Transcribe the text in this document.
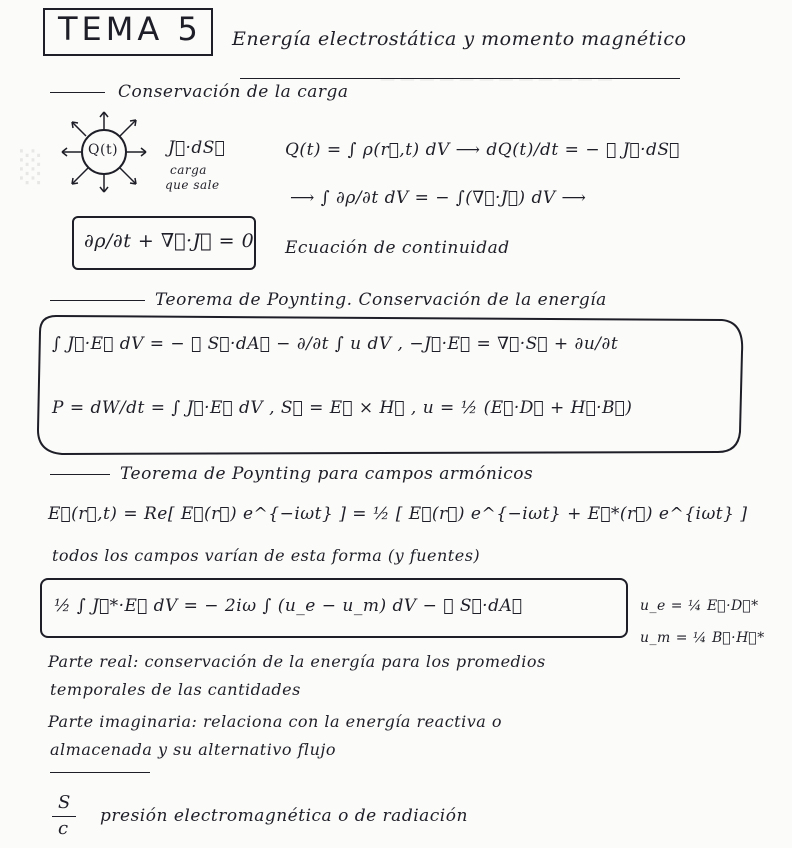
— — — — — — — — — — — —
░
TEMA 5 Energía electrostática y momento magnético
Conservación de la carga
Q(t)	J⃗·dS⃗
carga
que sale
Q(t) = ∫ ρ(r⃗,t) dV ⟶ dQ(t)/dt = − ∮ J⃗·dS⃗
⟶ ∫ ∂ρ/∂t dV = − ∫(∇⃗·J⃗) dV ⟶
∂ρ/∂t + ∇⃗·J⃗ = 0 Ecuación de continuidad
Teorema de Poynting. Conservación de la energía
∫ J⃗·E⃗ dV = − ∮ S⃗·dA⃗ − ∂/∂t ∫ u dV , −J⃗·E⃗ = ∇⃗·S⃗ + ∂u/∂t
P = dW/dt = ∫ J⃗·E⃗ dV , S⃗ = E⃗ × H⃗ , u = ½ (E⃗·D⃗ + H⃗·B⃗)
Teorema de Poynting para campos armónicos
E⃗(r⃗,t) = Re[ E⃗(r⃗) e^{−iωt} ] = ½ [ E⃗(r⃗) e^{−iωt} + E⃗*(r⃗) e^{iωt} ]
todos los campos varían de esta forma (y fuentes)
½ ∫ J⃗*·E⃗ dV = − 2iω ∫ (u_e − u_m) dV − ∮ S⃗·dA⃗	u_e = ¼ E⃗·D⃗*
u_m = ¼ B⃗·H⃗*
Parte real: conservación de la energía para los promedios
temporales de las cantidades
Parte imaginaria: relaciona con la energía reactiva o
almacenada y su alternativo flujo
S
c
presión electromagnética o de radiación
